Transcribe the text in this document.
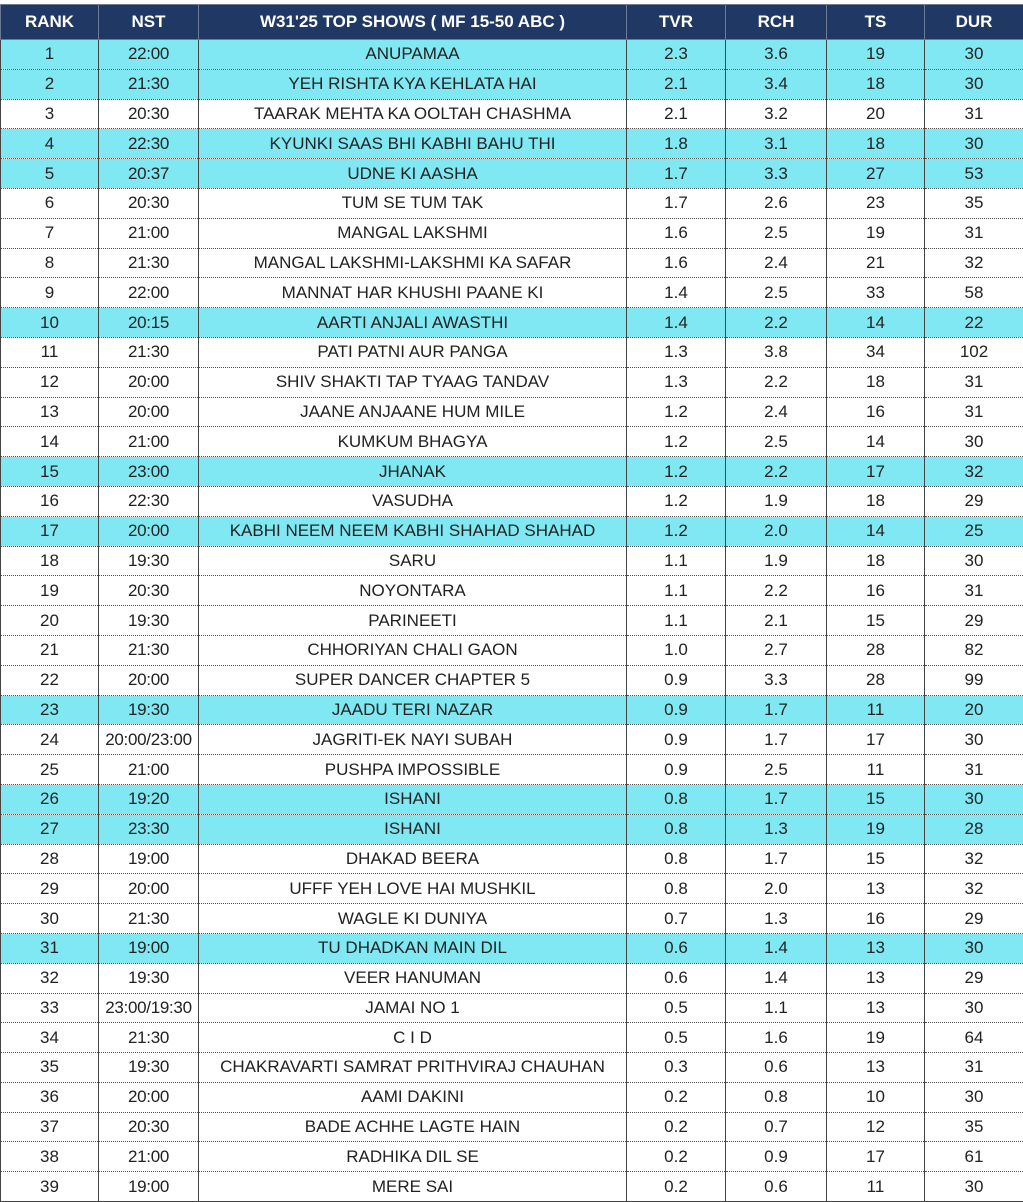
RANK	NST	W31'25 TOP SHOWS ( MF 15-50 ABC )	TVR	RCH	TS	DUR
1	22:00	ANUPAMAA	2.3	3.6	19	30
2	21:30	YEH RISHTA KYA KEHLATA HAI	2.1	3.4	18	30
3	20:30	TAARAK MEHTA KA OOLTAH CHASHMA	2.1	3.2	20	31
4	22:30	KYUNKI SAAS BHI KABHI BAHU THI	1.8	3.1	18	30
5	20:37	UDNE KI AASHA	1.7	3.3	27	53
6	20:30	TUM SE TUM TAK	1.7	2.6	23	35
7	21:00	MANGAL LAKSHMI	1.6	2.5	19	31
8	21:30	MANGAL LAKSHMI-LAKSHMI KA SAFAR	1.6	2.4	21	32
9	22:00	MANNAT HAR KHUSHI PAANE KI	1.4	2.5	33	58
10	20:15	AARTI ANJALI AWASTHI	1.4	2.2	14	22
11	21:30	PATI PATNI AUR PANGA	1.3	3.8	34	102
12	20:00	SHIV SHAKTI TAP TYAAG TANDAV	1.3	2.2	18	31
13	20:00	JAANE ANJAANE HUM MILE	1.2	2.4	16	31
14	21:00	KUMKUM BHAGYA	1.2	2.5	14	30
15	23:00	JHANAK	1.2	2.2	17	32
16	22:30	VASUDHA	1.2	1.9	18	29
17	20:00	KABHI NEEM NEEM KABHI SHAHAD SHAHAD	1.2	2.0	14	25
18	19:30	SARU	1.1	1.9	18	30
19	20:30	NOYONTARA	1.1	2.2	16	31
20	19:30	PARINEETI	1.1	2.1	15	29
21	21:30	CHHORIYAN CHALI GAON	1.0	2.7	28	82
22	20:00	SUPER DANCER CHAPTER 5	0.9	3.3	28	99
23	19:30	JAADU TERI NAZAR	0.9	1.7	11	20
24	20:00/23:00	JAGRITI-EK NAYI SUBAH	0.9	1.7	17	30
25	21:00	PUSHPA IMPOSSIBLE	0.9	2.5	11	31
26	19:20	ISHANI	0.8	1.7	15	30
27	23:30	ISHANI	0.8	1.3	19	28
28	19:00	DHAKAD BEERA	0.8	1.7	15	32
29	20:00	UFFF YEH LOVE HAI MUSHKIL	0.8	2.0	13	32
30	21:30	WAGLE KI DUNIYA	0.7	1.3	16	29
31	19:00	TU DHADKAN MAIN DIL	0.6	1.4	13	30
32	19:30	VEER HANUMAN	0.6	1.4	13	29
33	23:00/19:30	JAMAI NO 1	0.5	1.1	13	30
34	21:30	C I D	0.5	1.6	19	64
35	19:30	CHAKRAVARTI SAMRAT PRITHVIRAJ CHAUHAN	0.3	0.6	13	31
36	20:00	AAMI DAKINI	0.2	0.8	10	30
37	20:30	BADE ACHHE LAGTE HAIN	0.2	0.7	12	35
38	21:00	RADHIKA DIL SE	0.2	0.9	17	61
39	19:00	MERE SAI	0.2	0.6	11	30
